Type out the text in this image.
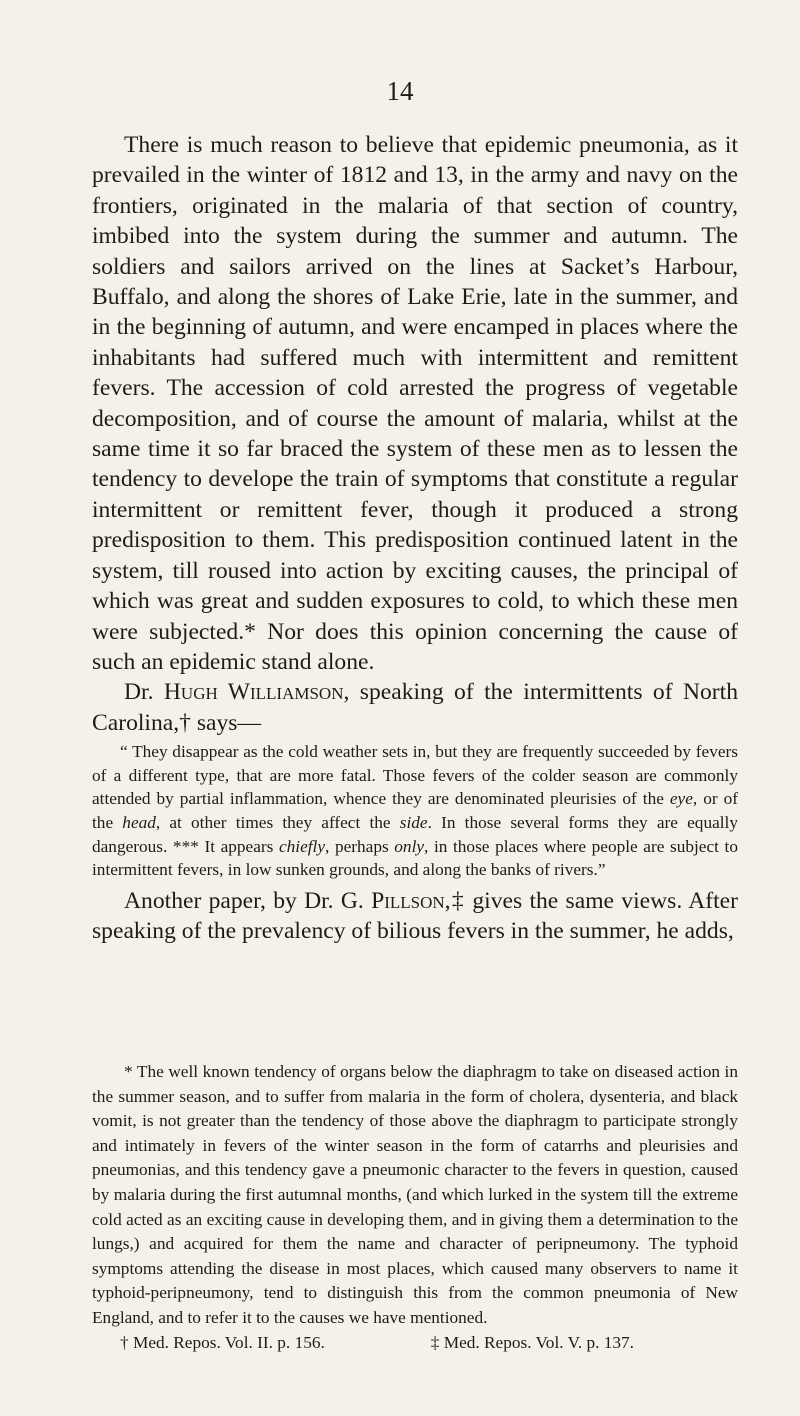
14

There is much reason to believe that epidemic pneumonia, as it prevailed in the winter of 1812 and 13, in the army and navy on the frontiers, originated in the malaria of that section of country, imbibed into the system during the summer and autumn. The soldiers and sailors arrived on the lines at Sacket’s Harbour, Buffalo, and along the shores of Lake Erie, late in the summer, and in the beginning of autumn, and were encamped in places where the inhabitants had suffered much with intermittent and remittent fevers. The accession of cold arrested the progress of vegetable decomposition, and of course the amount of malaria, whilst at the same time it so far braced the system of these men as to lessen the tendency to develope the train of symptoms that constitute a regular intermittent or remittent fever, though it produced a strong predisposition to them. This predisposition continued latent in the system, till roused into action by exciting causes, the principal of which was great and sudden exposures to cold, to which these men were subjected.* Nor does this opinion concerning the cause of such an epidemic stand alone.

Dr. Hugh Williamson, speaking of the intermittents of North Carolina,† says—

“ They disappear as the cold weather sets in, but they are frequently succeeded by fevers of a different type, that are more fatal. Those fevers of the colder season are commonly attended by partial inflammation, whence they are denominated pleurisies of the eye, or of the head, at other times they affect the side. In those several forms they are equally dangerous. *** It appears chiefly, perhaps only, in those places where people are subject to intermittent fevers, in low sunken grounds, and along the banks of rivers.”

Another paper, by Dr. G. Pillson,‡ gives the same views. After speaking of the prevalency of bilious fevers in the summer, he adds,

* The well known tendency of organs below the diaphragm to take on diseased action in the summer season, and to suffer from malaria in the form of cholera, dysenteria, and black vomit, is not greater than the tendency of those above the diaphragm to participate strongly and intimately in fevers of the winter season in the form of catarrhs and pleurisies and pneumonias, and this tendency gave a pneumonic character to the fevers in question, caused by malaria during the first autumnal months, (and which lurked in the system till the extreme cold acted as an exciting cause in developing them, and in giving them a determination to the lungs,) and acquired for them the name and character of peripneumony. The typhoid symptoms attending the disease in most places, which caused many observers to name it typhoid-peripneumony, tend to distinguish this from the common pneumonia of New England, and to refer it to the causes we have mentioned.

† Med. Repos. Vol. II. p. 156.	‡ Med. Repos. Vol. V. p. 137.
